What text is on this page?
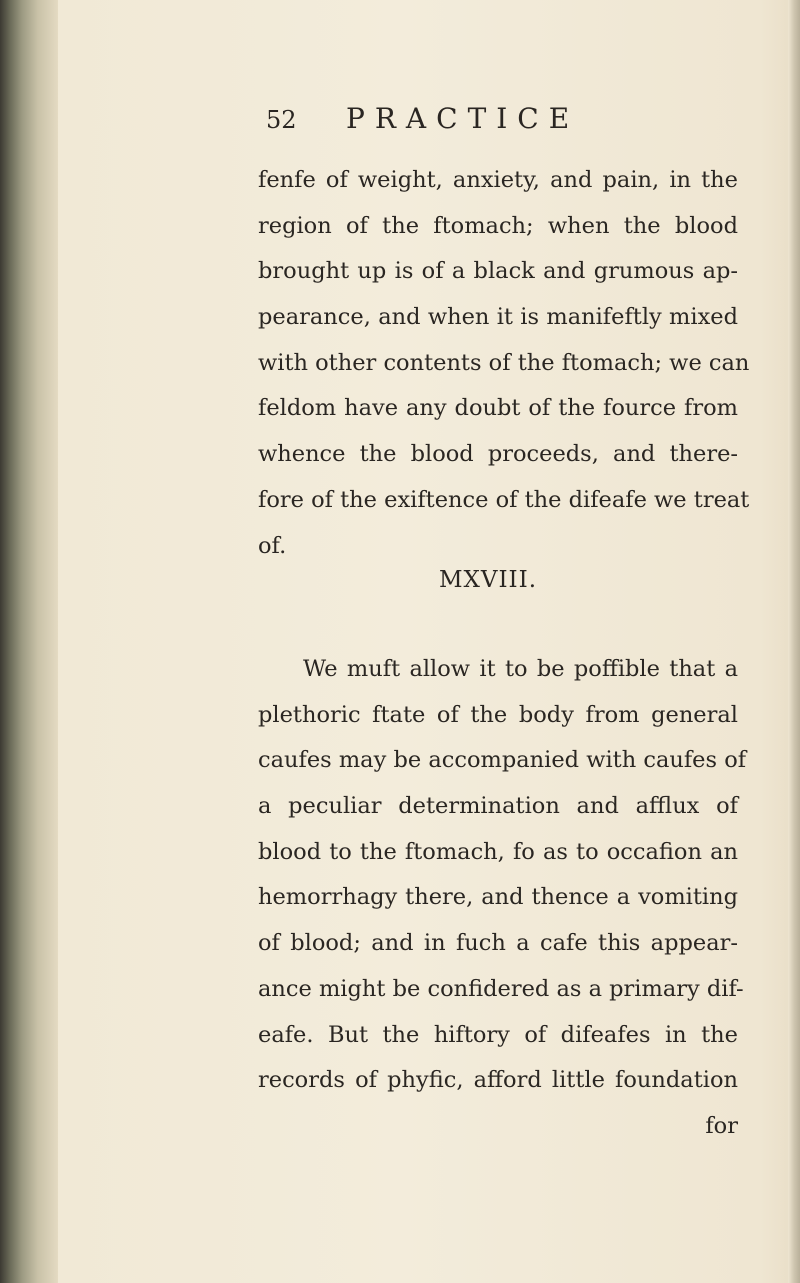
52 PRACTICE
fenfe of weight, anxiety, and pain, in the
region of the ftomach; when the blood
brought up is of a black and grumous ap-
pearance, and when it is manifeftly mixed
with other contents of the ftomach; we can
feldom have any doubt of the fource from
whence the blood proceeds, and there-
fore of the exiftence of the difeafe we treat
of.
MXVIII.
We muft allow it to be poffible that a
plethoric ftate of the body from general
caufes may be accompanied with caufes of
a peculiar determination and afflux of
blood to the ftomach, fo as to occafion an
hemorrhagy there, and thence a vomiting
of blood; and in fuch a cafe this appear-
ance might be confidered as a primary dif-
eafe. But the hiftory of difeafes in the
records of phyfic, afford little foundation
for
